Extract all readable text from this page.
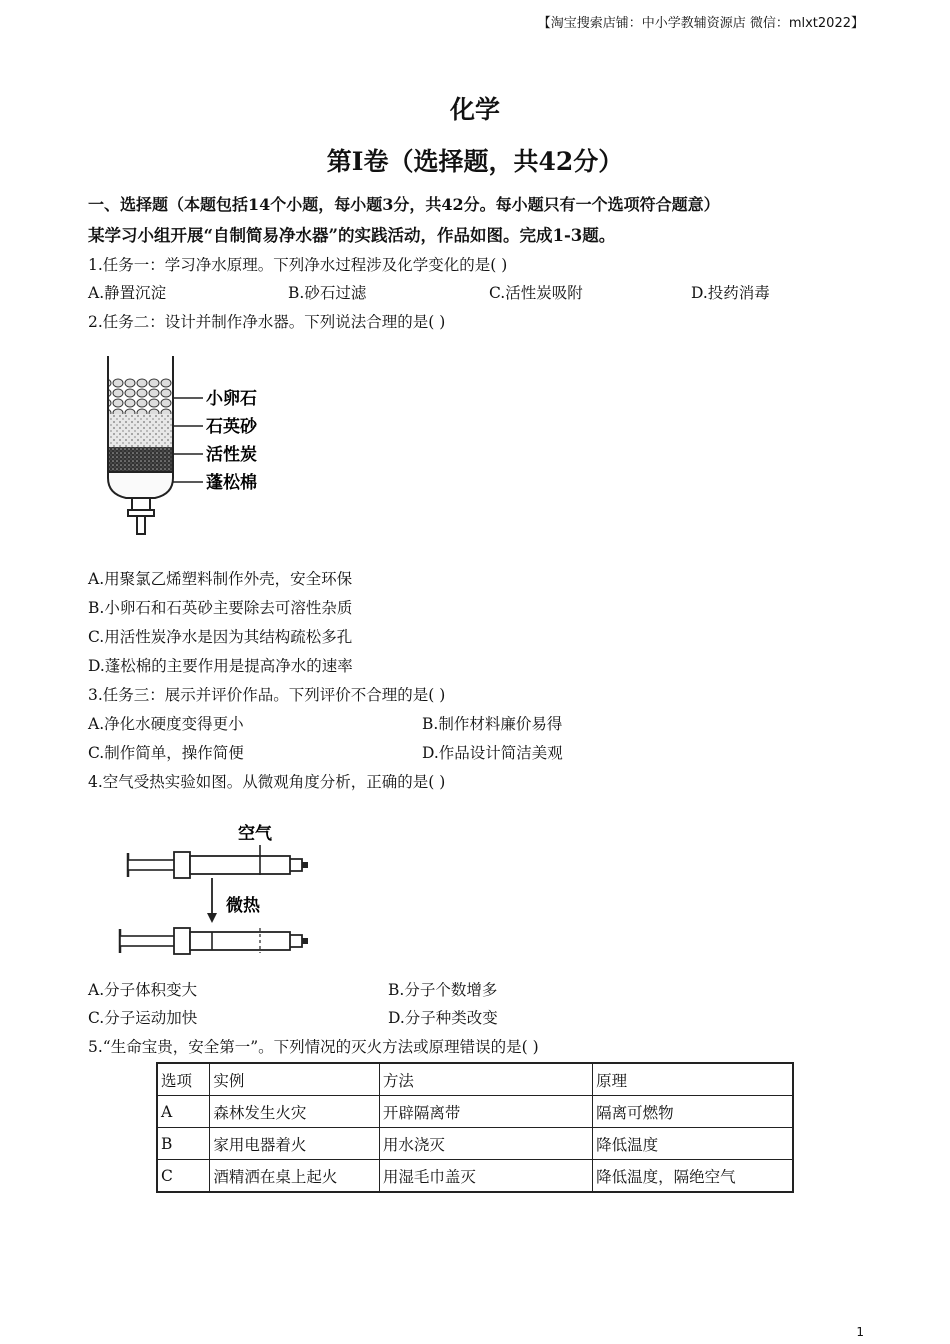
【淘宝搜索店铺：中小学教辅资源店 微信：mlxt2022】
化学
第I卷（选择题，共42分）
一、选择题（本题包括14个小题，每小题3分，共42分。每小题只有一个选项符合题意）
某学习小组开展“自制简易净水器”的实践活动，作品如图。完成1-3题。
1.任务一：学习净水原理。下列净水过程涉及化学变化的是( )
A.静置沉淀	B.砂石过滤	C.活性炭吸附	D.投药消毒
2.任务二：设计并制作净水器。下列说法合理的是( )
小卵石
石英砂
活性炭
蓬松棉
A.用聚氯乙烯塑料制作外壳，安全环保
B.小卵石和石英砂主要除去可溶性杂质
C.用活性炭净水是因为其结构疏松多孔
D.蓬松棉的主要作用是提高净水的速率
3.任务三：展示并评价作品。下列评价不合理的是( )
A.净化水硬度变得更小	B.制作材料廉价易得
C.制作简单，操作简便	D.作品设计简洁美观
4.空气受热实验如图。从微观角度分析，正确的是( )
空气
微热
A.分子体积变大	B.分子个数增多
C.分子运动加快	D.分子种类改变
5.“生命宝贵，安全第一”。下列情况的灭火方法或原理错误的是( )
选项	实例	方法	原理
A	森林发生火灾	开辟隔离带	隔离可燃物
B	家用电器着火	用水浇灭	降低温度
C	酒精洒在桌上起火	用湿毛巾盖灭	降低温度，隔绝空气
1
